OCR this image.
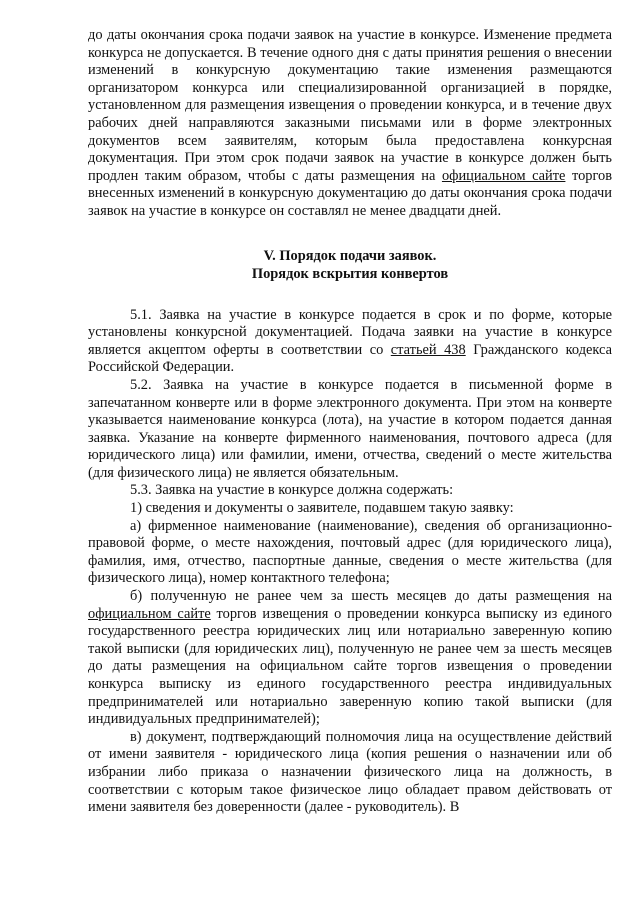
до даты окончания срока подачи заявок на участие в конкурсе. Изменение предмета конкурса не допускается. В течение одного дня с даты принятия решения о внесении изменений в конкурсную документацию такие изменения размещаются организатором конкурса или специализированной организацией в порядке, установленном для размещения извещения о проведении конкурса, и в течение двух рабочих дней направляются заказными письмами или в форме электронных документов всем заявителям, которым была предоставлена конкурсная документация. При этом срок подачи заявок на участие в конкурсе должен быть продлен таким образом, чтобы с даты размещения на официальном сайте торгов внесенных изменений в конкурсную документацию до даты окончания срока подачи заявок на участие в конкурсе он составлял не менее двадцати дней.

V. Порядок подачи заявок.
Порядок вскрытия конвертов

5.1. Заявка на участие в конкурсе подается в срок и по форме, которые установлены конкурсной документацией. Подача заявки на участие в конкурсе является акцептом оферты в соответствии со статьей 438 Гражданского кодекса Российской Федерации.

5.2. Заявка на участие в конкурсе подается в письменной форме в запечатанном конверте или в форме электронного документа. При этом на конверте указывается наименование конкурса (лота), на участие в котором подается данная заявка. Указание на конверте фирменного наименования, почтового адреса (для юридического лица) или фамилии, имени, отчества, сведений о месте жительства (для физического лица) не является обязательным.

5.3. Заявка на участие в конкурсе должна содержать:

1) сведения и документы о заявителе, подавшем такую заявку:

а) фирменное наименование (наименование), сведения об организационно-правовой форме, о месте нахождения, почтовый адрес (для юридического лица), фамилия, имя, отчество, паспортные данные, сведения о месте жительства (для физического лица), номер контактного телефона;

б) полученную не ранее чем за шесть месяцев до даты размещения на официальном сайте торгов извещения о проведении конкурса выписку из единого государственного реестра юридических лиц или нотариально заверенную копию такой выписки (для юридических лиц), полученную не ранее чем за шесть месяцев до даты размещения на официальном сайте торгов извещения о проведении конкурса выписку из единого государственного реестра индивидуальных предпринимателей или нотариально заверенную копию такой выписки (для индивидуальных предпринимателей);

в) документ, подтверждающий полномочия лица на осуществление действий от имени заявителя - юридического лица (копия решения о назначении или об избрании либо приказа о назначении физического лица на должность, в соответствии с которым такое физическое лицо обладает правом действовать от имени заявителя без доверенности (далее - руководитель). В
